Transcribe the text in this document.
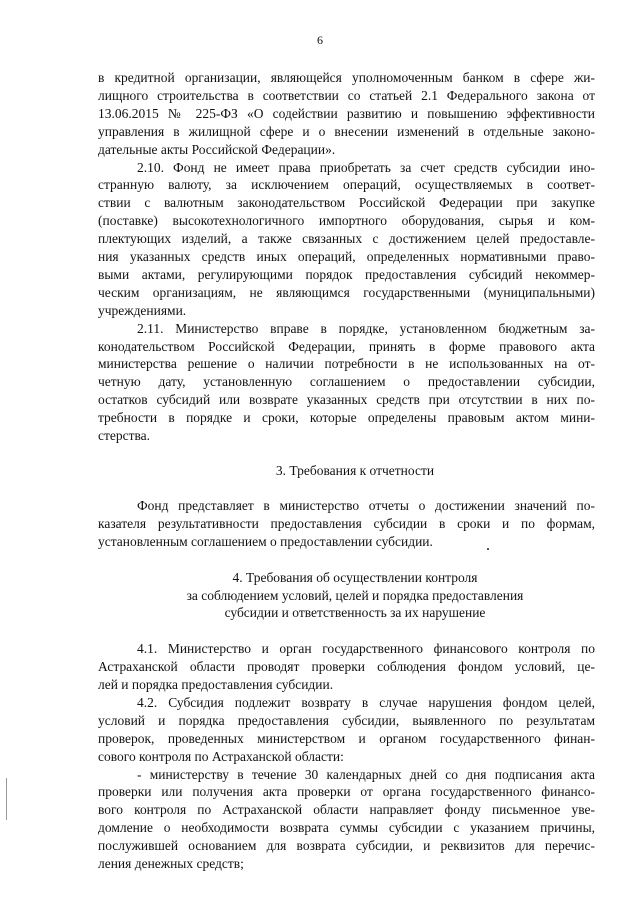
6
в кредитной организации, являющейся уполномоченным банком в сфере жи-
лищного строительства в соответствии со статьей 2.1 Федерального закона от
13.06.2015 № 225-ФЗ «О содействии развитию и повышению эффективности
управления в жилищной сфере и о внесении изменений в отдельные законо-
дательные акты Российской Федерации».
2.10. Фонд не имеет права приобретать за счет средств субсидии ино-
странную валюту, за исключением операций, осуществляемых в соответ-
ствии с валютным законодательством Российской Федерации при закупке
(поставке) высокотехнологичного импортного оборудования, сырья и ком-
плектующих изделий, а также связанных с достижением целей предоставле-
ния указанных средств иных операций, определенных нормативными право-
выми актами, регулирующими порядок предоставления субсидий некоммер-
ческим организациям, не являющимся государственными (муниципальными)
учреждениями.
2.11. Министерство вправе в порядке, установленном бюджетным за-
конодательством Российской Федерации, принять в форме правового акта
министерства решение о наличии потребности в не использованных на от-
четную дату, установленную соглашением о предоставлении субсидии,
остатков субсидий или возврате указанных средств при отсутствии в них по-
требности в порядке и сроки, которые определены правовым актом мини-
стерства.
3. Требования к отчетности
Фонд представляет в министерство отчеты о достижении значений по-
казателя результативности предоставления субсидии в сроки и по формам,
установленным соглашением о предоставлении субсидии.
4. Требования об осуществлении контроля
за соблюдением условий, целей и порядка предоставления
субсидии и ответственность за их нарушение
4.1. Министерство и орган государственного финансового контроля по
Астраханской области проводят проверки соблюдения фондом условий, це-
лей и порядка предоставления субсидии.
4.2. Субсидия подлежит возврату в случае нарушения фондом целей,
условий и порядка предоставления субсидии, выявленного по результатам
проверок, проведенных министерством и органом государственного финан-
сового контроля по Астраханской области:
- министерству в течение 30 календарных дней со дня подписания акта
проверки или получения акта проверки от органа государственного финансо-
вого контроля по Астраханской области направляет фонду письменное уве-
домление о необходимости возврата суммы субсидии с указанием причины,
послужившей основанием для возврата субсидии, и реквизитов для перечис-
ления денежных средств;
